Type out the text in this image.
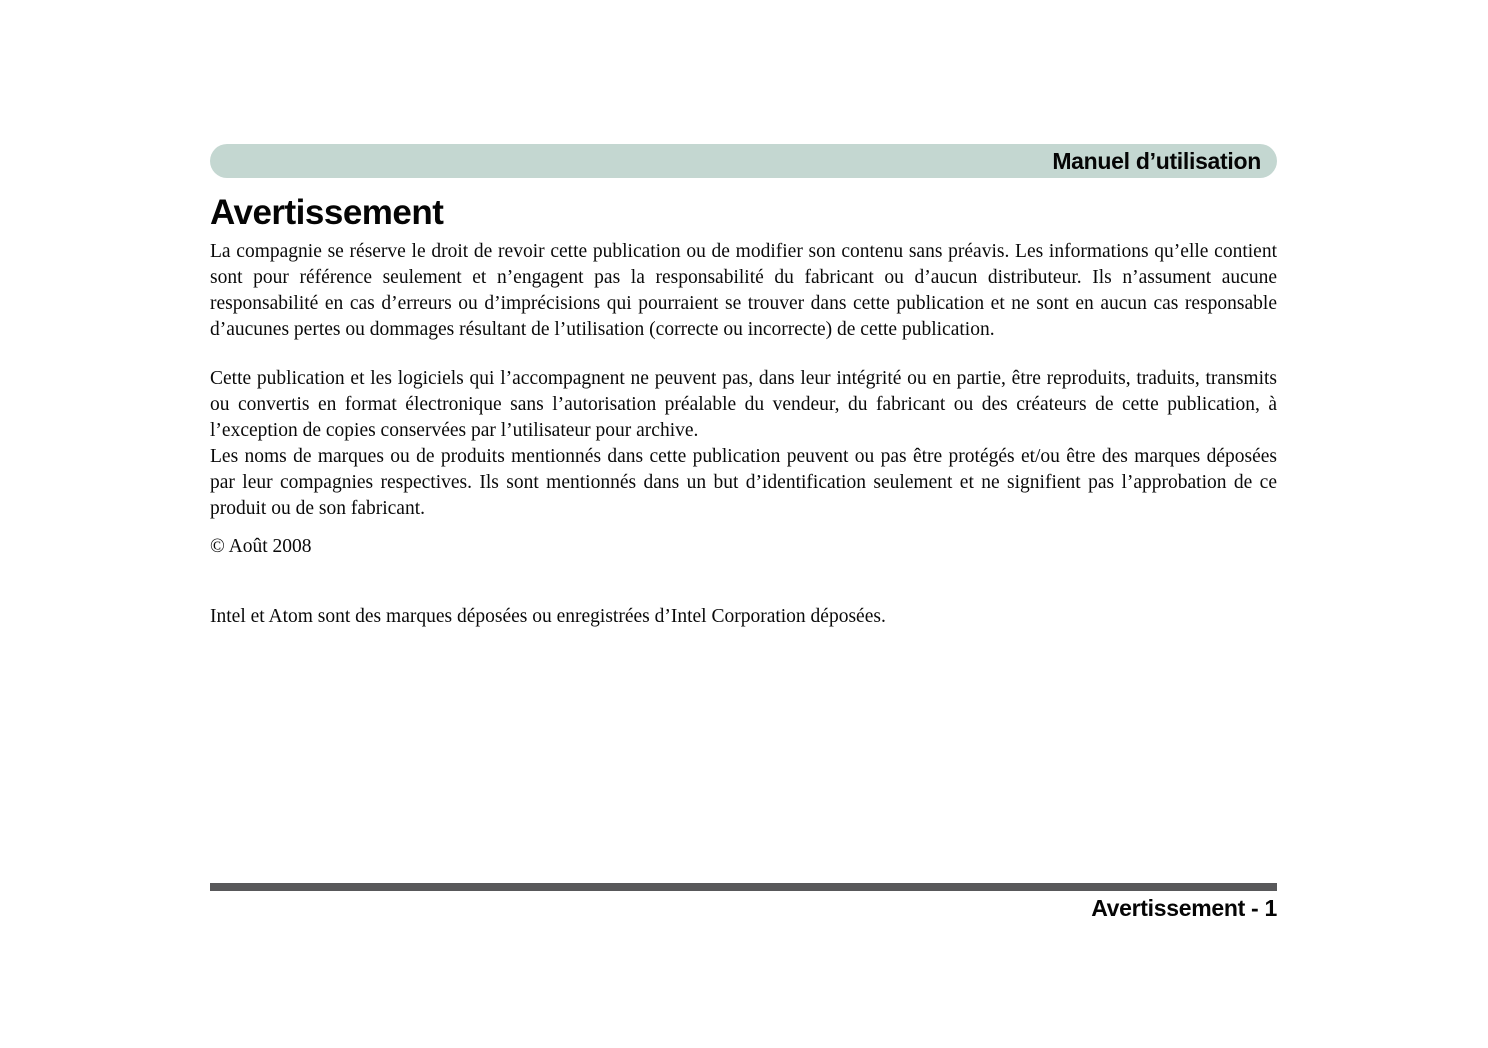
Manuel d’utilisation
Avertissement

La compagnie se réserve le droit de revoir cette publication ou de modifier son contenu sans préavis. Les informations qu’elle contient sont pour référence seulement et n’engagent pas la responsabilité du fabricant ou d’aucun distributeur. Ils n’assument aucune responsabilité en cas d’erreurs ou d’imprécisions qui pourraient se trouver dans cette publication et ne sont en aucun cas responsable d’aucunes pertes ou dommages résultant de l’utilisation (correcte ou incorrecte) de cette publication.

Cette publication et les logiciels qui l’accompagnent ne peuvent pas, dans leur intégrité ou en partie, être reproduits, traduits, transmits ou convertis en format électronique sans l’autorisation préalable du vendeur, du fabricant ou des créateurs de cette publication, à l’exception de copies conservées par l’utilisateur pour archive.

Les noms de marques ou de produits mentionnés dans cette publication peuvent ou pas être protégés et/ou être des marques déposées par leur compagnies respectives. Ils sont mentionnés dans un but d’identification seulement et ne signifient pas l’approbation de ce produit ou de son fabricant.

© Août 2008

Intel et Atom sont des marques déposées ou enregistrées d’Intel Corporation déposées.

Avertissement - 1
